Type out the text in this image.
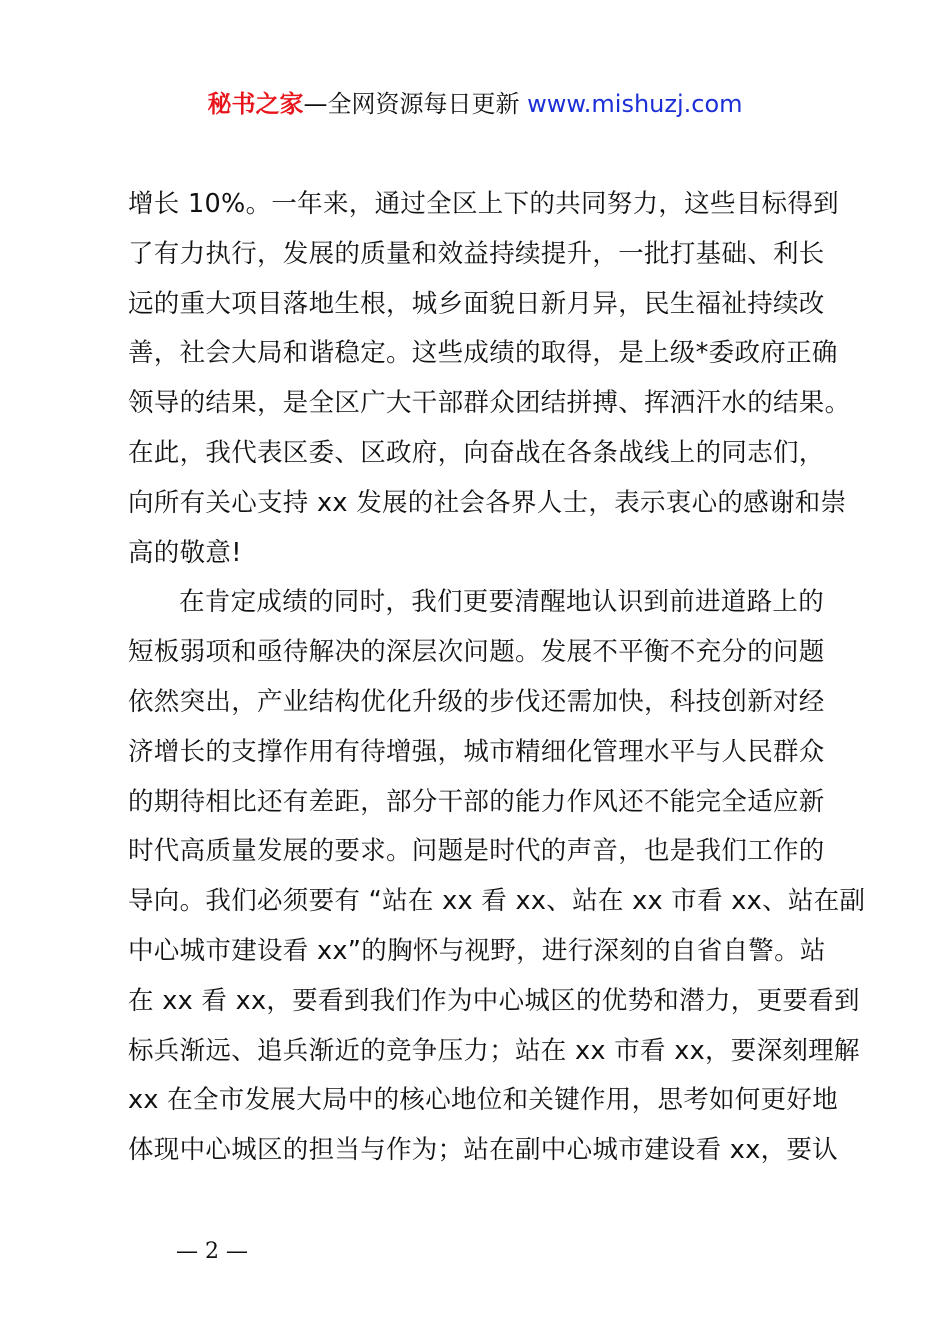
秘书之家—全网资源每日更新 www.mishuzj.com
增长 10%。一年来，通过全区上下的共同努力，这些目标得到
了有力执行，发展的质量和效益持续提升，一批打基础、利长
远的重大项目落地生根，城乡面貌日新月异，民生福祉持续改
善，社会大局和谐稳定。这些成绩的取得，是上级*委政府正确
领导的结果，是全区广大干部群众团结拼搏、挥洒汗水的结果。
在此，我代表区委、区政府，向奋战在各条战线上的同志们，
向所有关心支持 xx 发展的社会各界人士，表示衷心的感谢和崇
高的敬意!
在肯定成绩的同时，我们更要清醒地认识到前进道路上的
短板弱项和亟待解决的深层次问题。发展不平衡不充分的问题
依然突出，产业结构优化升级的步伐还需加快，科技创新对经
济增长的支撑作用有待增强，城市精细化管理水平与人民群众
的期待相比还有差距，部分干部的能力作风还不能完全适应新
时代高质量发展的要求。问题是时代的声音，也是我们工作的
导向。我们必须要有 “站在 xx 看 xx、站在 xx 市看 xx、站在副
中心城市建设看 xx”的胸怀与视野，进行深刻的自省自警。站
在 xx 看 xx，要看到我们作为中心城区的优势和潜力，更要看到
标兵渐远、追兵渐近的竞争压力；站在 xx 市看 xx，要深刻理解
xx 在全市发展大局中的核心地位和关键作用，思考如何更好地
体现中心城区的担当与作为；站在副中心城市建设看 xx，要认
— 2 —
